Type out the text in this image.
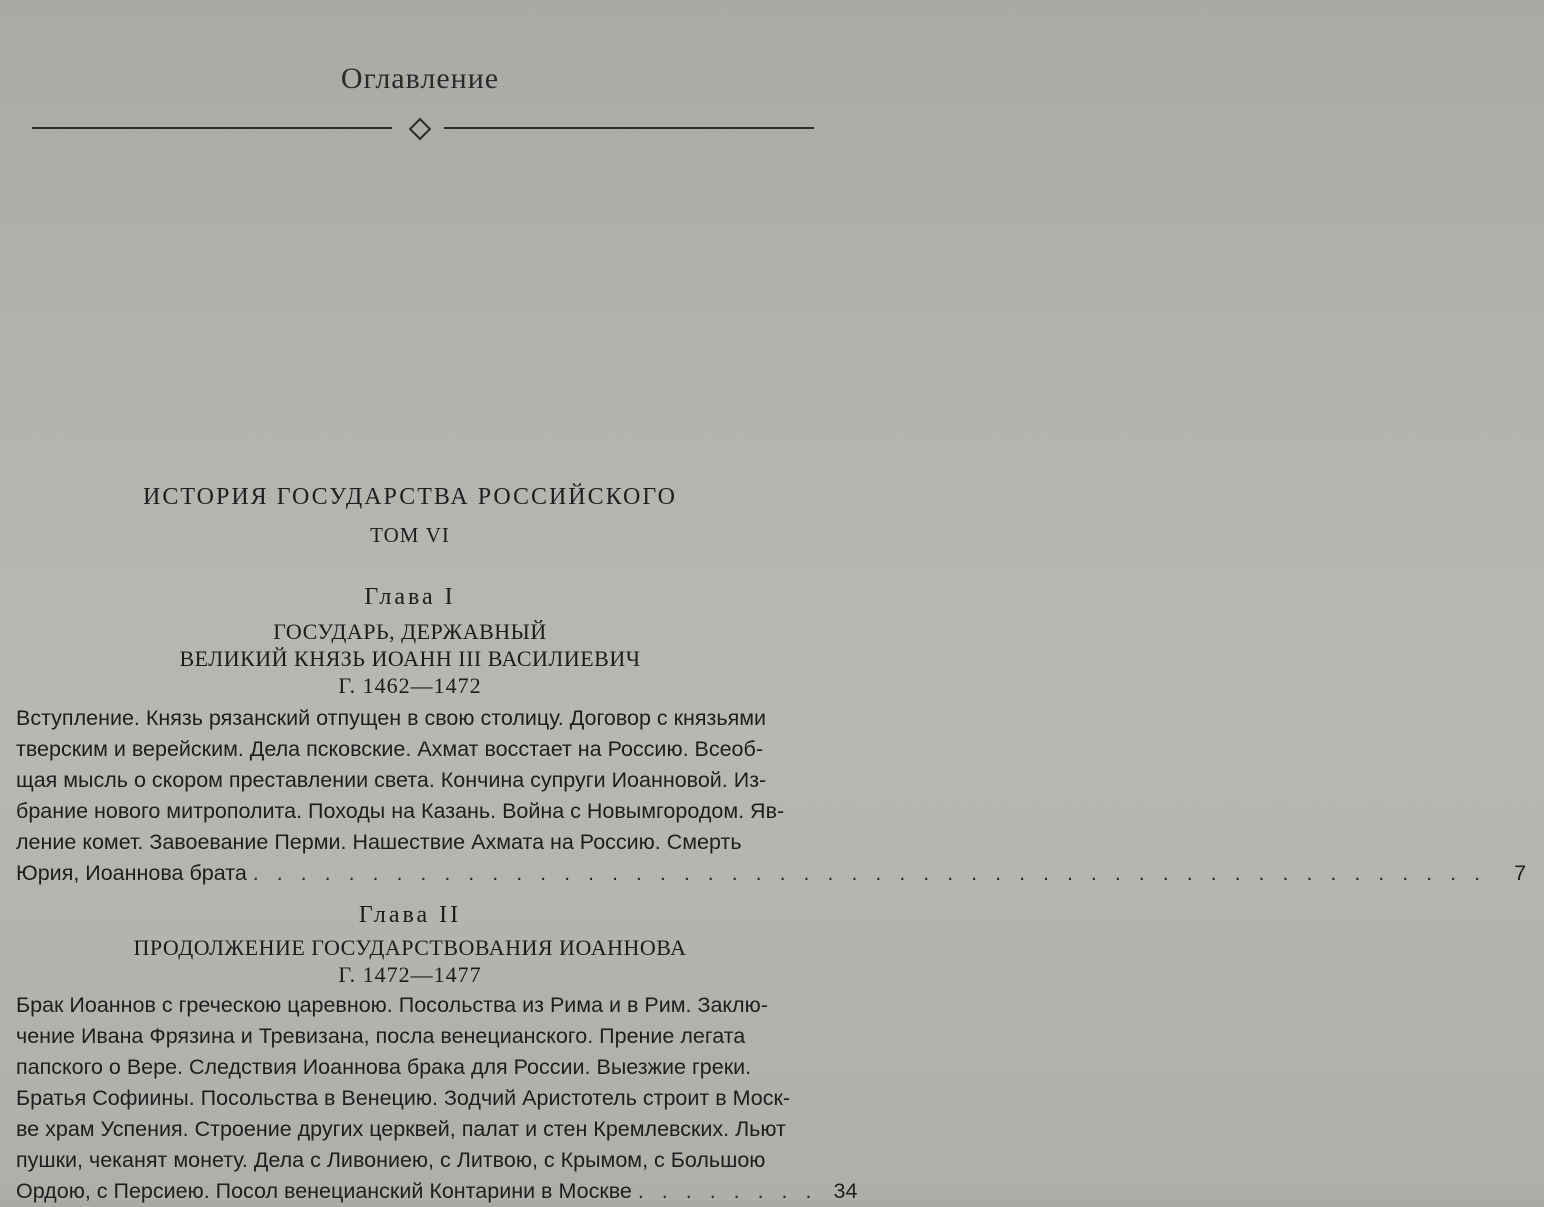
Оглавление
ИСТОРИЯ ГОСУДАРСТВА РОССИЙСКОГО
ТОМ VI
Глава I
ГОСУДАРЬ, ДЕРЖАВНЫЙ
ВЕЛИКИЙ КНЯЗЬ ИОАНН III ВАСИЛИЕВИЧ
Г. 1462—1472
Вступление. Князь рязанский отпущен в свою столицу. Договор с князьями
тверским и верейским. Дела псковские. Ахмат восстает на Россию. Всеоб-
щая мысль о скором преставлении света. Кончина супруги Иоанновой. Из-
брание нового митрополита. Походы на Казань. Война с Новымгородом. Яв-
ление комет. Завоевание Перми. Нашествие Ахмата на Россию. Смерть
Юрия, Иоаннова брата . . . . . . . . . . . . . . . . . . . . . . . . . . . . . . . . . . . . . . . . . . . . . . . . . . . .	7
Глава II
ПРОДОЛЖЕНИЕ ГОСУДАРСТВОВАНИЯ ИОАННОВА
Г. 1472—1477
Брак Иоаннов с греческою царевною. Посольства из Рима и в Рим. Заклю-
чение Ивана Фрязина и Тревизана, посла венецианского. Прение легата
папского о Вере. Следствия Иоаннова брака для России. Выезжие греки.
Братья Софиины. Посольства в Венецию. Зодчий Аристотель строит в Моск-
ве храм Успения. Строение других церквей, палат и стен Кремлевских. Льют
пушки, чеканят монету. Дела с Ливониею, с Литвою, с Крымом, с Большою
Ордою, с Персиею. Посол венецианский Контарини в Москве . . . . . . . . 34
